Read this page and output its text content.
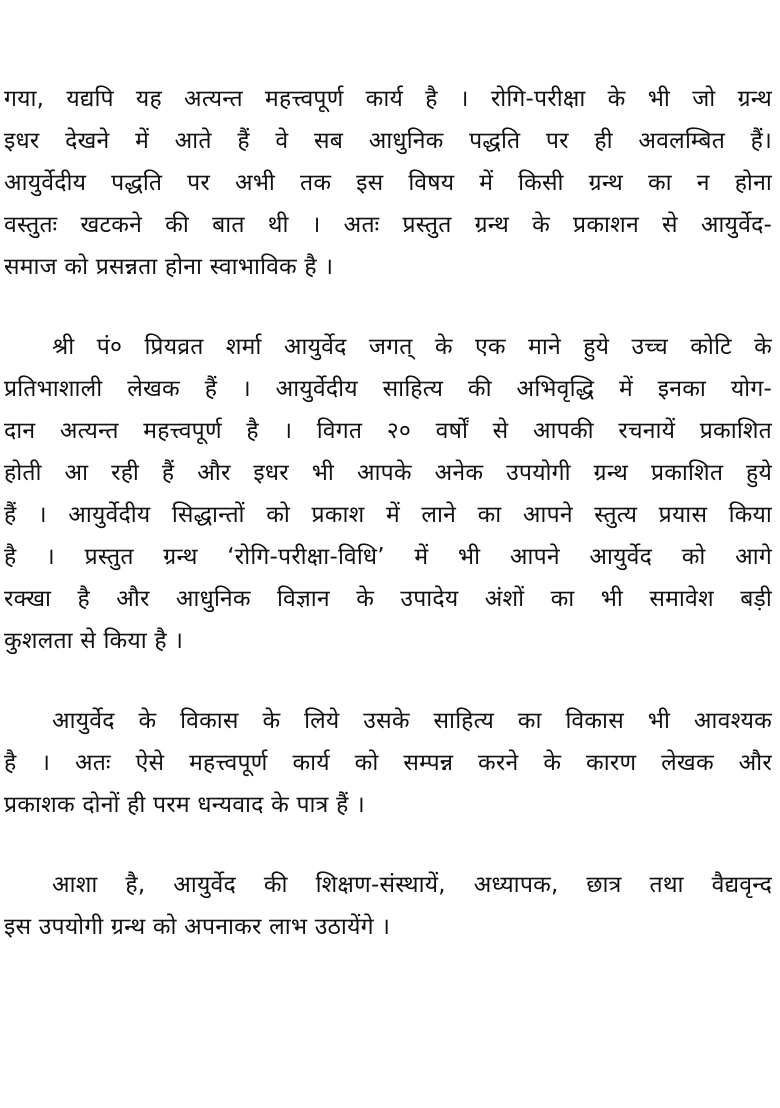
गया, यद्यपि यह अत्यन्त महत्त्वपूर्ण कार्य है । रोगि-परीक्षा के भी जो ग्रन्थ
इधर देखने में आते हैं वे सब आधुनिक पद्धति पर ही अवलम्बित हैं।
आयुर्वेदीय पद्धति पर अभी तक इस विषय में किसी ग्रन्थ का न होना
वस्तुतः खटकने की बात थी । अतः प्रस्तुत ग्रन्थ के प्रकाशन से आयुर्वेद-
समाज को प्रसन्नता होना स्वाभाविक है ।
श्री पं० प्रियव्रत शर्मा आयुर्वेद जगत् के एक माने हुये उच्च कोटि के
प्रतिभाशाली लेखक हैं । आयुर्वेदीय साहित्य की अभिवृद्धि में इनका योग-
दान अत्यन्त महत्त्वपूर्ण है । विगत २० वर्षों से आपकी रचनायें प्रकाशित
होती आ रही हैं और इधर भी आपके अनेक उपयोगी ग्रन्थ प्रकाशित हुये
हैं । आयुर्वेदीय सिद्धान्तों को प्रकाश में लाने का आपने स्तुत्य प्रयास किया
है । प्रस्तुत ग्रन्थ ‘रोगि-परीक्षा-विधि’ में भी आपने आयुर्वेद को आगे
रक्खा है और आधुनिक विज्ञान के उपादेय अंशों का भी समावेश बड़ी
कुशलता से किया है ।
आयुर्वेद के विकास के लिये उसके साहित्य का विकास भी आवश्यक
है । अतः ऐसे महत्त्वपूर्ण कार्य को सम्पन्न करने के कारण लेखक और
प्रकाशक दोनों ही परम धन्यवाद के पात्र हैं ।
आशा है, आयुर्वेद की शिक्षण-संस्थायें, अध्यापक, छात्र तथा वैद्यवृन्द
इस उपयोगी ग्रन्थ को अपनाकर लाभ उठायेंगे ।
